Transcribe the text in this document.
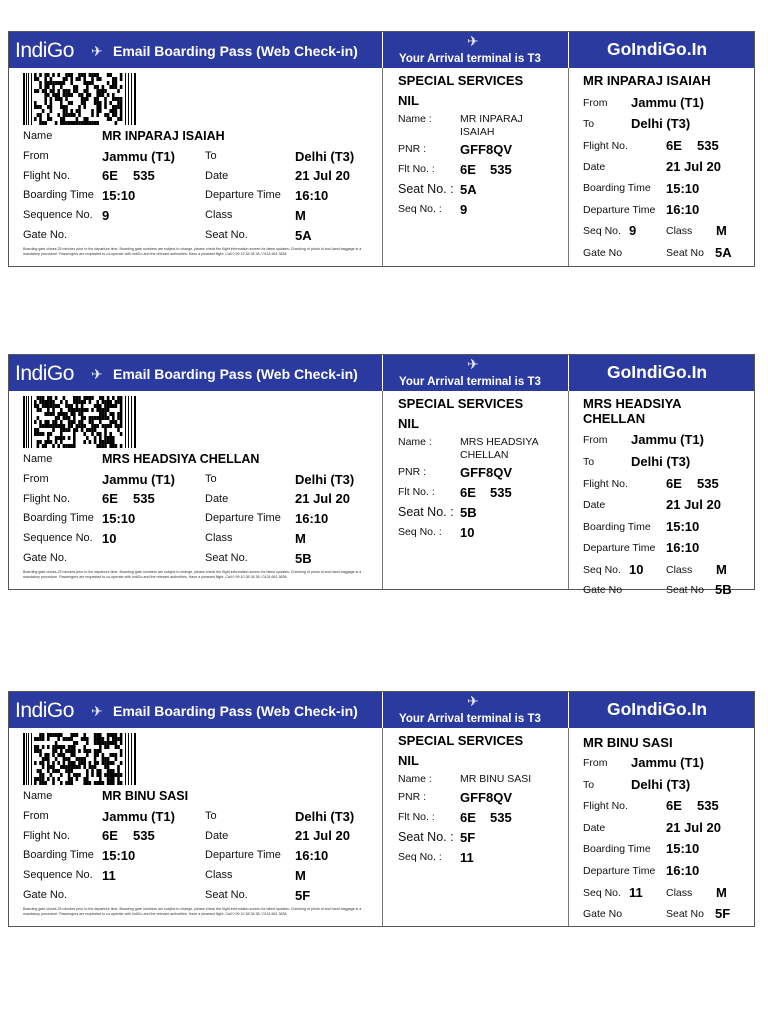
IndiGo ✈ Email Boarding Pass (Web Check-in)
✈
Your Arrival terminal is T3	GoIndiGo.In
Name	MR INPARAJ ISAIAH
From	Jammu (T1)	To	Delhi (T3)
Flight No. 6E 535	Date	21 Jul 20
Boarding Time 15:10	Departure Time 16:10
Sequence No. 9	Class	M
Gate No.	Seat No.	5A
Boarding gate closes 25 minutes prior to the departure time. Boarding gate numbers are subject to change, please check the flight information screen for latest updates. Checking of photo id and hand baggage is a mandatory procedure. Passengers are requested to co-operate with IndiGo and the relevant authorities. Have a pleasant flight. Call 0 99 10 38 38 38 / 0124 661 3838
SPECIAL SERVICES
NIL
Name :	MR INPARAJ
ISAIAH
PNR :	GFF8QV
Flt No. : 6E 535
Seat No. : 5A
Seq No. : 9
MR INPARAJ ISAIAH
From Jammu (T1)
To	Delhi (T3)
Flight No.	6E 535
Date	21 Jul 20
Boarding Time 15:10
Departure Time 16:10
Seq No. 9	Class M
Gate No	Seat No 5A
IndiGo ✈ Email Boarding Pass (Web Check-in)
✈
Your Arrival terminal is T3	GoIndiGo.In
Name	MRS HEADSIYA CHELLAN
From	Jammu (T1)	To	Delhi (T3)
Flight No. 6E 535	Date	21 Jul 20
Boarding Time 15:10	Departure Time 16:10
Sequence No. 10	Class	M
Gate No.	Seat No.	5B
Boarding gate closes 25 minutes prior to the departure time. Boarding gate numbers are subject to change, please check the flight information screen for latest updates. Checking of photo id and hand baggage is a mandatory procedure. Passengers are requested to co-operate with IndiGo and the relevant authorities. Have a pleasant flight. Call 0 99 10 38 38 38 / 0124 661 3838
SPECIAL SERVICES
NIL
Name :	MRS HEADSIYA
CHELLAN
PNR :	GFF8QV
Flt No. : 6E 535
Seat No. : 5B
Seq No. : 10
MRS HEADSIYA
CHELLAN
From Jammu (T1)
To	Delhi (T3)
Flight No.	6E 535
Date	21 Jul 20
Boarding Time 15:10
Departure Time 16:10
Seq No. 10 Class M
Gate No	Seat No 5B
IndiGo ✈ Email Boarding Pass (Web Check-in)
✈
Your Arrival terminal is T3	GoIndiGo.In
Name	MR BINU SASI
From	Jammu (T1)	To	Delhi (T3)
Flight No. 6E 535	Date	21 Jul 20
Boarding Time 15:10	Departure Time 16:10
Sequence No. 11	Class	M
Gate No.	Seat No.	5F
Boarding gate closes 25 minutes prior to the departure time. Boarding gate numbers are subject to change, please check the flight information screen for latest updates. Checking of photo id and hand baggage is a mandatory procedure. Passengers are requested to co-operate with IndiGo and the relevant authorities. Have a pleasant flight. Call 0 99 10 38 38 38 / 0124 661 3838
SPECIAL SERVICES
NIL
Name :	MR BINU SASI
PNR :	GFF8QV
Flt No. : 6E 535
Seat No. : 5F
Seq No. : 11
MR BINU SASI
From Jammu (T1)
To	Delhi (T3)
Flight No.	6E 535
Date	21 Jul 20
Boarding Time 15:10
Departure Time 16:10
Seq No. 11 Class M
Gate No	Seat No 5F
